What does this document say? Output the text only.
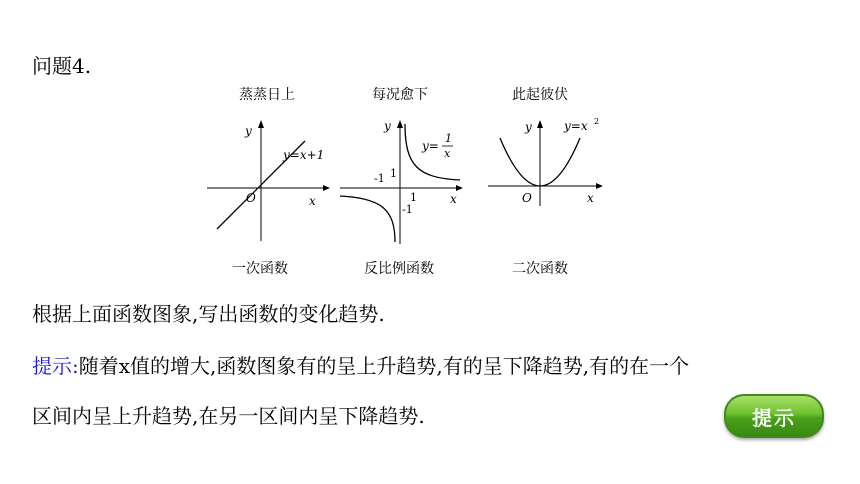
问题4.
蒸蒸日上
y
x
O
y=x+1
每况愈下
y
x
1
-1
1
-1
y=
1
x
此起彼伏
y
x
O
y=x 2
一次函数	反比例函数	二次函数
根据上面函数图象,写出函数的变化趋势.
提示:随着x值的增大,函数图象有的呈上升趋势,有的呈下降趋势,有的在一个
区间内呈上升趋势,在另一区间内呈下降趋势.	提示
